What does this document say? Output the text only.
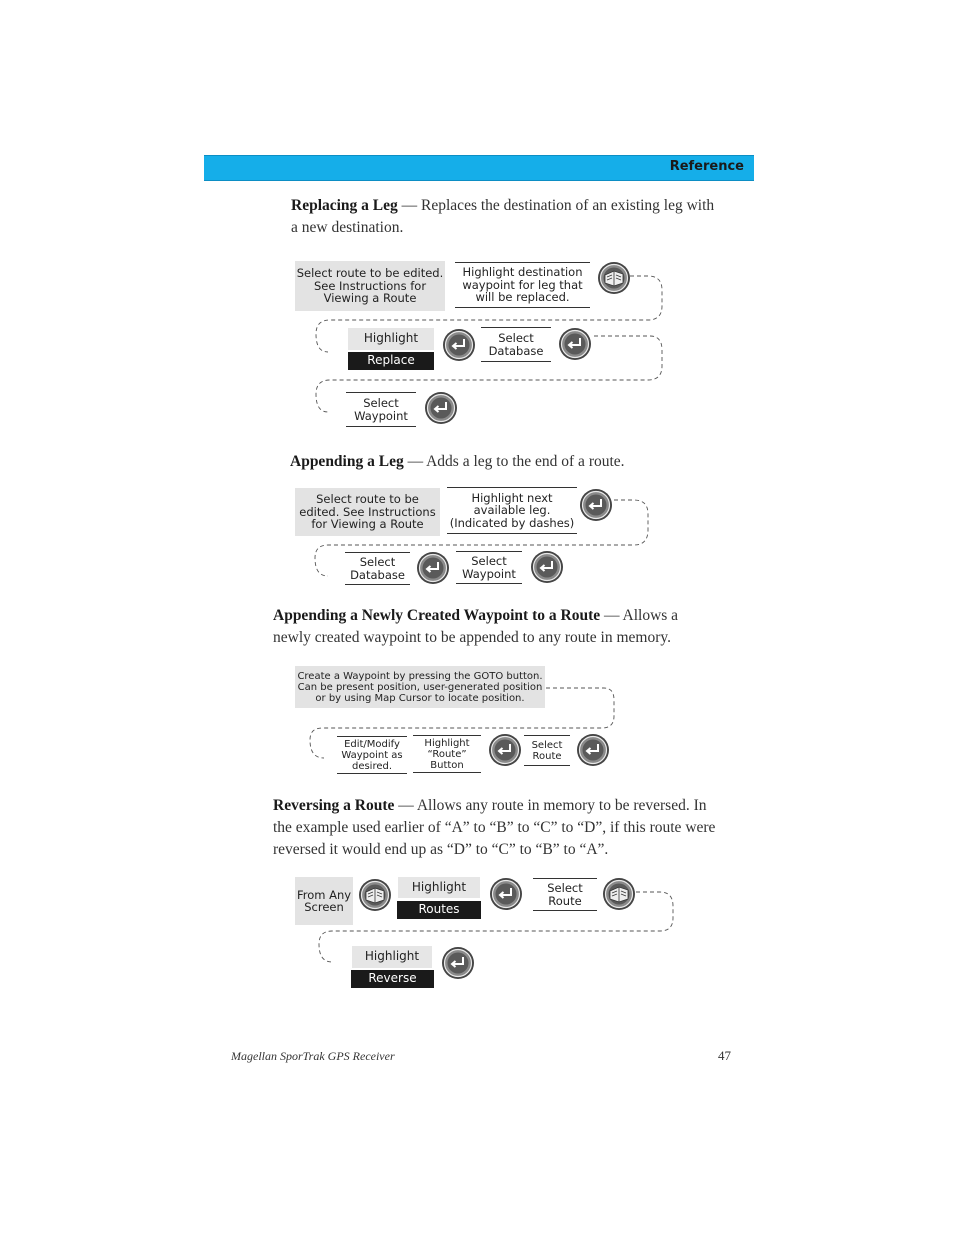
Reference
Replacing a Leg — Replaces the destination of an existing leg with a new destination.
Select route to be edited. See Instructions for Viewing a Route
Highlight destination waypoint for leg that will be replaced.
Highlight
Replace
Select Database
Select Waypoint
Appending a Leg — Adds a leg to the end of a route.
Select route to be edited. See Instructions for Viewing a Route
Highlight next available leg. (Indicated by dashes)
Select Database
Select Waypoint
Appending a Newly Created Waypoint to a Route — Allows a newly created waypoint to be appended to any route in memory.
Create a Waypoint by pressing the GOTO button. Can be present position, user-generated position or by using Map Cursor to locate position.
Edit/Modify Waypoint as desired.
Highlight “Route” Button
Select Route
Reversing a Route — Allows any route in memory to be reversed. In the example used earlier of “A” to “B” to “C” to “D”, if this route were reversed it would end up as “D” to “C” to “B” to “A”.
From Any Screen
Highlight
Routes
Select Route
Highlight
Reverse
Magellan SporTrak GPS Receiver	47
